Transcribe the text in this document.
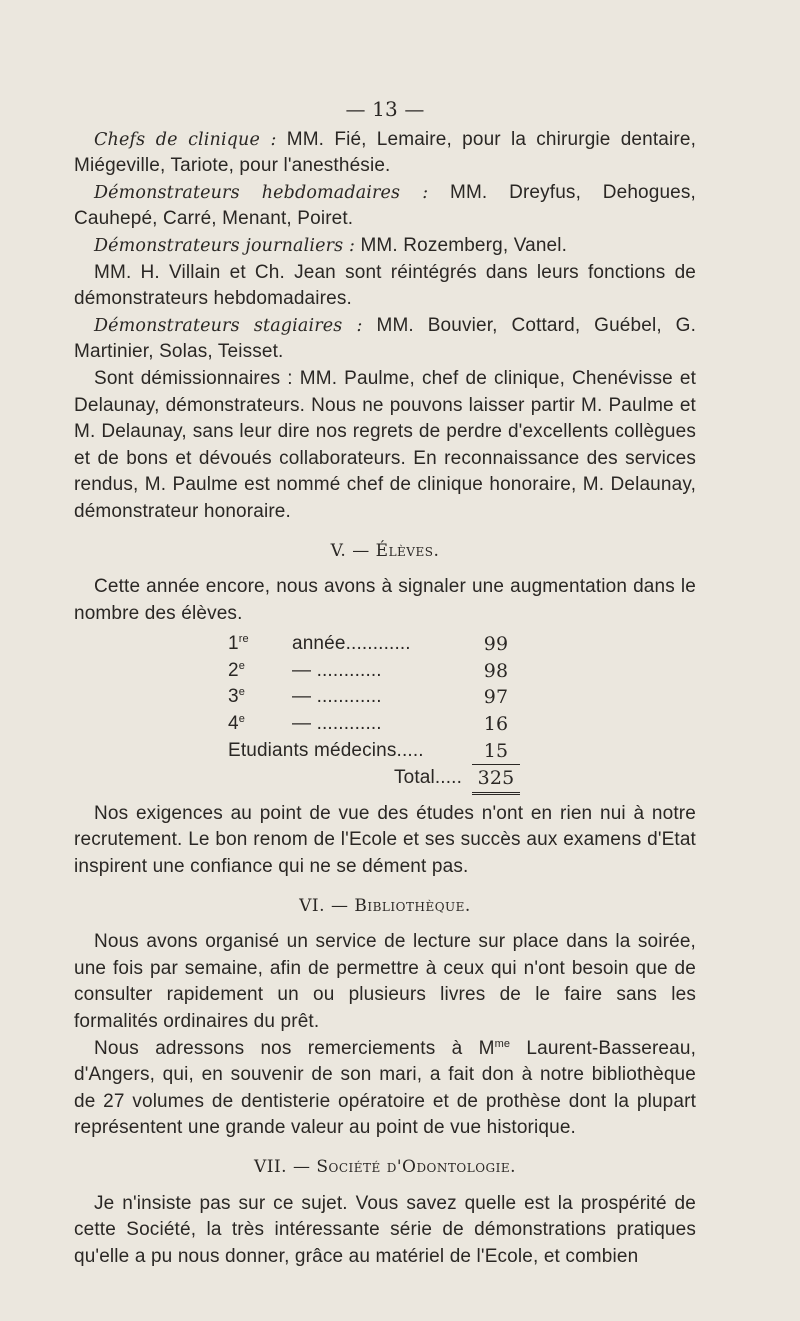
— 13 —

Chefs de clinique : MM. Fié, Lemaire, pour la chirurgie dentaire, Miégeville, Tariote, pour l'anesthésie.

Démonstrateurs hebdomadaires : MM. Dreyfus, Dehogues, Cauhepé, Carré, Menant, Poiret.

Démonstrateurs journaliers : MM. Rozemberg, Vanel.

MM. H. Villain et Ch. Jean sont réintégrés dans leurs fonctions de démonstrateurs hebdomadaires.

Démonstrateurs stagiaires : MM. Bouvier, Cottard, Guébel, G. Martinier, Solas, Teisset.

Sont démissionnaires : MM. Paulme, chef de clinique, Chenévisse et Delaunay, démonstrateurs. Nous ne pouvons laisser partir M. Paulme et M. Delaunay, sans leur dire nos regrets de perdre d'excellents collègues et de bons et dévoués collaborateurs. En reconnaissance des services rendus, M. Paulme est nommé chef de clinique honoraire, M. Delaunay, démonstrateur honoraire.

V. — Élèves.

Cette année encore, nous avons à signaler une augmentation dans le nombre des élèves.

1re	année............	99
2e	— ............	98
3e	— ............	97
4e	— ............	16
Etudiants médecins.....		15
Total.....		325

Nos exigences au point de vue des études n'ont en rien nui à notre recrutement. Le bon renom de l'Ecole et ses succès aux examens d'Etat inspirent une confiance qui ne se dément pas.

VI. — Bibliothèque.

Nous avons organisé un service de lecture sur place dans la soirée, une fois par semaine, afin de permettre à ceux qui n'ont besoin que de consulter rapidement un ou plusieurs livres de le faire sans les formalités ordinaires du prêt.

Nous adressons nos remerciements à $M^{me}$ Laurent-Bassereau, d'Angers, qui, en souvenir de son mari, a fait don à notre bibliothèque de 27 volumes de dentisterie opératoire et de prothèse dont la plupart représentent une grande valeur au point de vue historique.

VII. — Société d'Odontologie.

Je n'insiste pas sur ce sujet. Vous savez quelle est la prospérité de cette Société, la très intéressante série de démonstrations pratiques qu'elle a pu nous donner, grâce au matériel de l'Ecole, et combien
